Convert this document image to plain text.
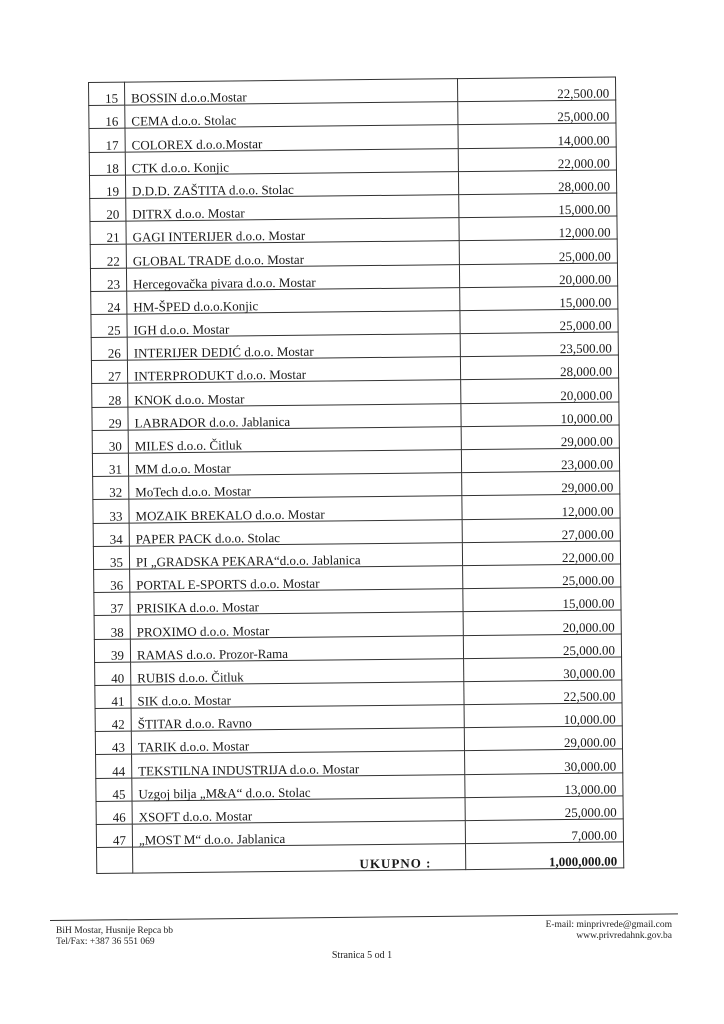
15	BOSSIN d.o.o.Mostar	22,500.00
16	CEMA d.o.o. Stolac	25,000.00
17	COLOREX d.o.o.Mostar	14,000.00
18	CTK d.o.o. Konjic	22,000.00
19	D.D.D. ZAŠTITA d.o.o. Stolac	28,000.00
20	DITRX d.o.o. Mostar	15,000.00
21	GAGI INTERIJER d.o.o. Mostar	12,000.00
22	GLOBAL TRADE d.o.o. Mostar	25,000.00
23	Hercegovačka pivara d.o.o. Mostar	20,000.00
24	HM-ŠPED d.o.o.Konjic	15,000.00
25	IGH d.o.o. Mostar	25,000.00
26	INTERIJER DEDIĆ d.o.o. Mostar	23,500.00
27	INTERPRODUKT d.o.o. Mostar	28,000.00
28	KNOK d.o.o. Mostar	20,000.00
29	LABRADOR d.o.o. Jablanica	10,000.00
30	MILES d.o.o. Čitluk	29,000.00
31	MM d.o.o. Mostar	23,000.00
32	MoTech d.o.o. Mostar	29,000.00
33	MOZAIK BREKALO d.o.o. Mostar	12,000.00
34	PAPER PACK d.o.o. Stolac	27,000.00
35	PI „GRADSKA PEKARA“d.o.o. Jablanica	22,000.00
36	PORTAL E-SPORTS d.o.o. Mostar	25,000.00
37	PRISIKA d.o.o. Mostar	15,000.00
38	PROXIMO d.o.o. Mostar	20,000.00
39	RAMAS d.o.o. Prozor-Rama	25,000.00
40	RUBIS d.o.o. Čitluk	30,000.00
41	SIK d.o.o. Mostar	22,500.00
42	ŠTITAR d.o.o. Ravno	10,000.00
43	TARIK d.o.o. Mostar	29,000.00
44	TEKSTILNA INDUSTRIJA d.o.o. Mostar	30,000.00
45	Uzgoj bilja „M&A“ d.o.o. Stolac	13,000.00
46	XSOFT d.o.o. Mostar	25,000.00
47	„MOST M“ d.o.o. Jablanica	7,000.00
	UKUPNO :	1,000,000.00
BiH Mostar, Husnije Repca bb
Tel/Fax: +387 36 551 069
E-mail: minprivrede@gmail.com
www.privredahnk.gov.ba
Stranica 5 od 1
